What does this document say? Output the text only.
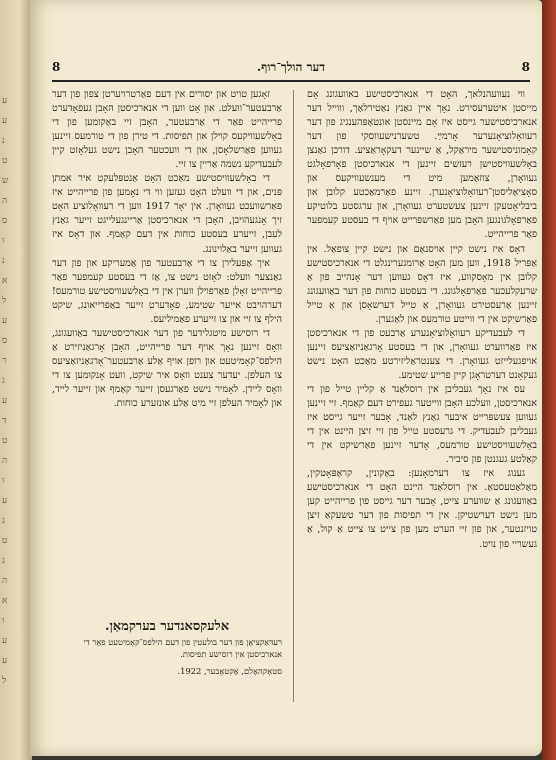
ע
ע
נ
ט
ש
ה
ס
ו
נ
א
ל
ע
ס
ר
ג
ע
ד
ט
ה
ו
ע
ג
ט
ג
ה
א
ו
ע
ע
ל
8	דער הולך־רוף.	8

ווי נעוועהנלאך, האָט די אנארכיסטישע באוועגונג אָם מייסטן איטערעסירט. נאָך איין גאַנץ נאַטירלאַך, וווייל דער אנארכיסטישער גייסט איז אָם מיינסטן אונטאָפּהענגיג פון דער רעוואָלוציאָנערער אָרמײַ. טשערנישעווסקי פון דער קאָמוניסטישער מיראַקל, אַ שיינער דעקאָראַציע. דורכן גאַנצן באָלשעוויסטישן רעזשים זיינען די אנארכיסטן פאָרפאָלגט געוואָרן, צוזאַמען מיט די מענשעוויקעס און סאָציאַליסטן־רעוואָלוציאָנערן. זיינע פאַרמאַכטע קלובן און ביבליאָטעקן זיינען צעשטערט געוואָרן, און ערגסטע בלוטיקע פאַרפאָלגונגען האָבן מען פאַרשפּרייט אויף די בעסטע קעמפער פאַר פרייהייט.

דאָס איז נישט קיין אויסנאַם און נישט קיין צופאַל. אין אַפּריל 1918, ווען מען האָט אַרומגערינגלט די אנארכיסטישע קלובן אין מאָסקווע, איז דאָס געווען דער אָנהייב פון אַ שרעקלעכער פאַרפאָלגונג. די בעסטע כוחות פון דער באַוועגונג זיינען אַרעסטירט געוואָרן, אַ טייל דערשאָסן און אַ טייל פאַרשיקט אין די ווייטע טורמעס און לאַגערן.

די לעבעדיקע רעוואָלוציאָנערע אַרבעט פון די אנארכיסטן איז פאַרווערט געוואָרן, און די בעסטע אָרגאַניזאַציעס זיינען אויפגעלייזט געוואָרן. די צענטראַליזירטע מאַכט האָט נישט געקאָנט דערטראָגן קיין פרייע שטימע.

עס איז נאָך געבליבן אין רוסלאַנד אַ קליין טייל פון די אנארכיסטן, וועלכע האָבן ווייטער געפירט דעם קאַמף. זיי זיינען געווען צעשפּרייט איבער גאַנץ לאַנד, אָבער זייער גייסט איז געבליבן לעבעדיק. די גרעסטע טייל פון זיי זיצן היינט אין די באָלשעוויסטישע טורמעס, אָדער זיינען פאַרשיקט אין די קאַלטע געגנטן פון סיביר.

גענוג איז צו דערמאָנען: באַקונין, קראָפּאָטקין, מאַלאַטעסטאַ. אין רוסלאַנד היינט האָט די אנארכיסטישע באַוועגונג אַ שווערע צייט, אָבער דער גייסט פון פרייהייט קען מען נישט דערשטיקן. אין די תפיסות פון דער טשעקאַ זיצן טויזנטער, און פון זיי הערט מען פון צייט צו צייט אַ קול, אַ געשריי פון נויט.

זאָגען טויט און יסורים אין דעם פאַרטרויערטן צפון פון דער אַרבעטער־וועלט. און אָט ווען די אנארכיסטן האָבן געפאָדערט פרייהייט פאַר די אַרבעטער, האָבן זיי באַקומען פון די באָלשעוויקעס קוילן און תפיסות. די טירן פון די טורמעס זיינען געווען פאַרשלאָסן, און די וועכטער האָבן נישט געלאָזט קיין לעבעדיקע נשמה אַריין צו זיי.

די באָלשעוויסטישע מאַכט האָט אַנטפּלעקט איר אמתן פּנים, און די וועלט האָט געזען ווי די נאָמען פון פרייהייט איז פאַרשוועכט געוואָרן. אין יאָר 1917 ווען די רעוואָלוציע האָט זיך אָנגעהויבן, האָבן די אנארכיסטן אַריינגעלייגט זייער גאַנץ לעבן, זייערע בעסטע כוחות אין דעם קאַמף. און דאָס איז געווען זייער באַלוינונג.

איך אַפּעלירן צו די אַרבעטער פון אַמעריקע און פון דער גאַנצער וועלט: לאָזט נישט צו, אַז די בעסטע קעמפער פאַר פרייהייט זאָלן פאַרפוילן ווערן אין די באָלשעוויסטישע טורמעס! דערהויבט אייער שטימע, פאָדערט זייער באַפרייאונג, שיקט הילף צו זיי און צו זייערע פאַמיליעס.

די רוסישע מיטגלידער פון דער אנארכיסטישער באַוועגונג, וואָס זיינען נאָך אויף דער פרייהייט, האָבן אָרגאַניזירט אַ הילפס־קאָמיטעט און רופן אויף אַלע אַרבעטער־אָרגאַניזאַציעס צו העלפן. יעדער צענט וואָס איר שיקט, וועט אָנקומען צו די וואָס ליידן. לאָמיר נישט פאַרגעסן זייער קאַמף און זייער לייד, און לאָמיר העלפן זיי מיט אַלע אונזערע כוחות.

אלעקסאנדער בערקמאַן.
רעדאַקציאָן פון דער בולעטין פון דעם הילפס־קאָמיטעט פאַר די אנארכיסטן אין רוסישע תפיסות.
סטאָקהאָלם, אָקטאָבער, 1922.
